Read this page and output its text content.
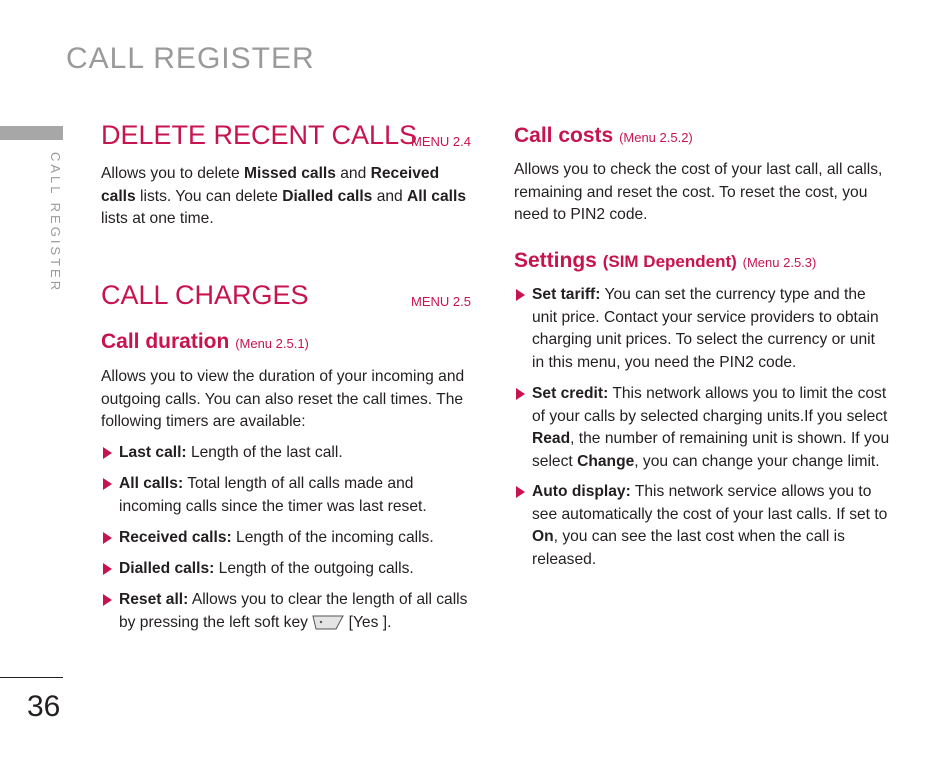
CALL REGISTER
CALL REGISTER
36
DELETE RECENT CALLS
MENU 2.4

Allows you to delete Missed calls and Received calls lists. You can delete Dialled calls and All calls lists at one time.

CALL CHARGES	MENU 2.5
Call duration (Menu 2.5.1)

Allows you to view the duration of your incoming and outgoing calls. You can also reset the call times. The following timers are available:

Last call: Length of the last call.
All calls: Total length of all calls made and incoming calls since the timer was last reset.
Received calls: Length of the incoming calls.
Dialled calls: Length of the outgoing calls.
Reset all: Allows you to clear the length of all calls by pressing the left soft key  [Yes ].
Call costs (Menu 2.5.2)

Allows you to check the cost of your last call, all calls, remaining and reset the cost. To reset the cost, you need to PIN2 code.

Settings (SIM Dependent) (Menu 2.5.3)
Set tariff: You can set the currency type and the unit price. Contact your service providers to obtain charging unit prices. To select the currency or unit in this menu, you need the PIN2 code.
Set credit: This network allows you to limit the cost of your calls by selected charging units.If you select Read, the number of remaining unit is shown. If you select Change, you can change your change limit.
Auto display: This network service allows you to see automatically the cost of your last calls. If set to On, you can see the last cost when the call is released.
